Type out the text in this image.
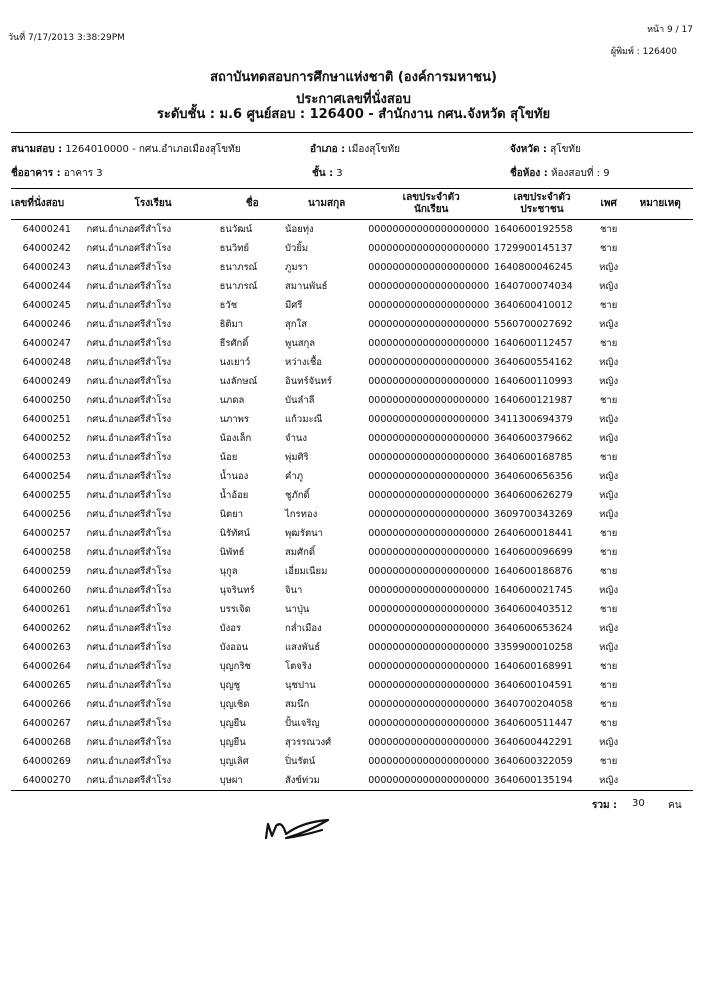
วันที่ 7/17/2013 3:38:29PM
หน้า 9 / 17
ผู้พิมพ์ : 126400
สถาบันทดสอบการศึกษาแห่งชาติ (องค์การมหาชน)
ประกาศเลขที่นั่งสอบ
ระดับชั้น : ม.6 ศูนย์สอบ : 126400 - สำนักงาน กศน.จังหวัด สุโขทัย
สนามสอบ : 1264010000 - กศน.อำเภอเมืองสุโขทัย	อำเภอ : เมืองสุโขทัย	จังหวัด : สุโขทัย
ชื่ออาคาร : อาคาร 3	ชั้น : 3	ชื่อห้อง : ห้องสอบที่ : 9
เลขที่นั่งสอบ	โรงเรียน	ชื่อ	นามสกุล	เลขประจำตัว
นักเรียน	เลขประจำตัว
ประชาชน	เพศ	หมายเหตุ
64000241	กศน.อำเภอศรีสำโรง	ธนวัฒน์	น้อยทุ่ง	00000000000000000000	1640600192558	ชาย	
64000242	กศน.อำเภอศรีสำโรง	ธนวิทย์	บัวยิ้ม	00000000000000000000	1729900145137	ชาย	
64000243	กศน.อำเภอศรีสำโรง	ธนาภรณ์	ภูมรา	00000000000000000000	1640800046245	หญิง	
64000244	กศน.อำเภอศรีสำโรง	ธนาภรณ์	สมานพันธ์	00000000000000000000	1640700074034	หญิง	
64000245	กศน.อำเภอศรีสำโรง	ธวัช	มีศรี	00000000000000000000	3640600410012	ชาย	
64000246	กศน.อำเภอศรีสำโรง	ธิติมา	สุกใส	00000000000000000000	5560700027692	หญิง	
64000247	กศน.อำเภอศรีสำโรง	ธีรศักดิ์	พูนสกุล	00000000000000000000	1640600112457	ชาย	
64000248	กศน.อำเภอศรีสำโรง	นงเยาว์	หว่างเชื้อ	00000000000000000000	3640600554162	หญิง	
64000249	กศน.อำเภอศรีสำโรง	นงลักษณ์	อินทร์จันทร์	00000000000000000000	1640600110993	หญิง	
64000250	กศน.อำเภอศรีสำโรง	นภดล	บันลำลี	00000000000000000000	1640600121987	ชาย	
64000251	กศน.อำเภอศรีสำโรง	นภาพร	แก้วมะณี	00000000000000000000	3411300694379	หญิง	
64000252	กศน.อำเภอศรีสำโรง	น้องเล็ก	จำนง	00000000000000000000	3640600379662	หญิง	
64000253	กศน.อำเภอศรีสำโรง	น้อย	พุ่มศิริ	00000000000000000000	3640600168785	ชาย	
64000254	กศน.อำเภอศรีสำโรง	น้ำนอง	คำภู	00000000000000000000	3640600656356	หญิง	
64000255	กศน.อำเภอศรีสำโรง	น้ำอ้อย	ชูภักดิ์	00000000000000000000	3640600626279	หญิง	
64000256	กศน.อำเภอศรีสำโรง	นิตยา	ไกรทอง	00000000000000000000	3609700343269	หญิง	
64000257	กศน.อำเภอศรีสำโรง	นิรัทัศน์	พุฒรัตนา	00000000000000000000	2640600018441	ชาย	
64000258	กศน.อำเภอศรีสำโรง	นิพัทธ์	สมศักดิ์	00000000000000000000	1640600096699	ชาย	
64000259	กศน.อำเภอศรีสำโรง	นุกูล	เอี่ยมเนียม	00000000000000000000	1640600186876	ชาย	
64000260	กศน.อำเภอศรีสำโรง	นุจรินทร์	จินา	00000000000000000000	1640600021745	หญิง	
64000261	กศน.อำเภอศรีสำโรง	บรรเจิด	นาปุ่น	00000000000000000000	3640600403512	ชาย	
64000262	กศน.อำเภอศรีสำโรง	บังอร	กล่ำเมือง	00000000000000000000	3640600653624	หญิง	
64000263	กศน.อำเภอศรีสำโรง	บังออน	แสงพันธ์	00000000000000000000	3359900010258	หญิง	
64000264	กศน.อำเภอศรีสำโรง	บุญกริช	โตจริง	00000000000000000000	1640600168991	ชาย	
64000265	กศน.อำเภอศรีสำโรง	บุญชู	นุชปาน	00000000000000000000	3640600104591	ชาย	
64000266	กศน.อำเภอศรีสำโรง	บุญเชิด	สมนึก	00000000000000000000	3640700204058	ชาย	
64000267	กศน.อำเภอศรีสำโรง	บุญยืน	ปั้นเจริญ	00000000000000000000	3640600511447	ชาย	
64000268	กศน.อำเภอศรีสำโรง	บุญยืน	สุวรรณวงศ์	00000000000000000000	3640600442291	หญิง	
64000269	กศน.อำเภอศรีสำโรง	บุญเลิศ	ปิ่นรัตน์	00000000000000000000	3640600322059	ชาย	
64000270	กศน.อำเภอศรีสำโรง	บุษผา	สังข์ท่วม	00000000000000000000	3640600135194	หญิง	
รวม : 30 คน
